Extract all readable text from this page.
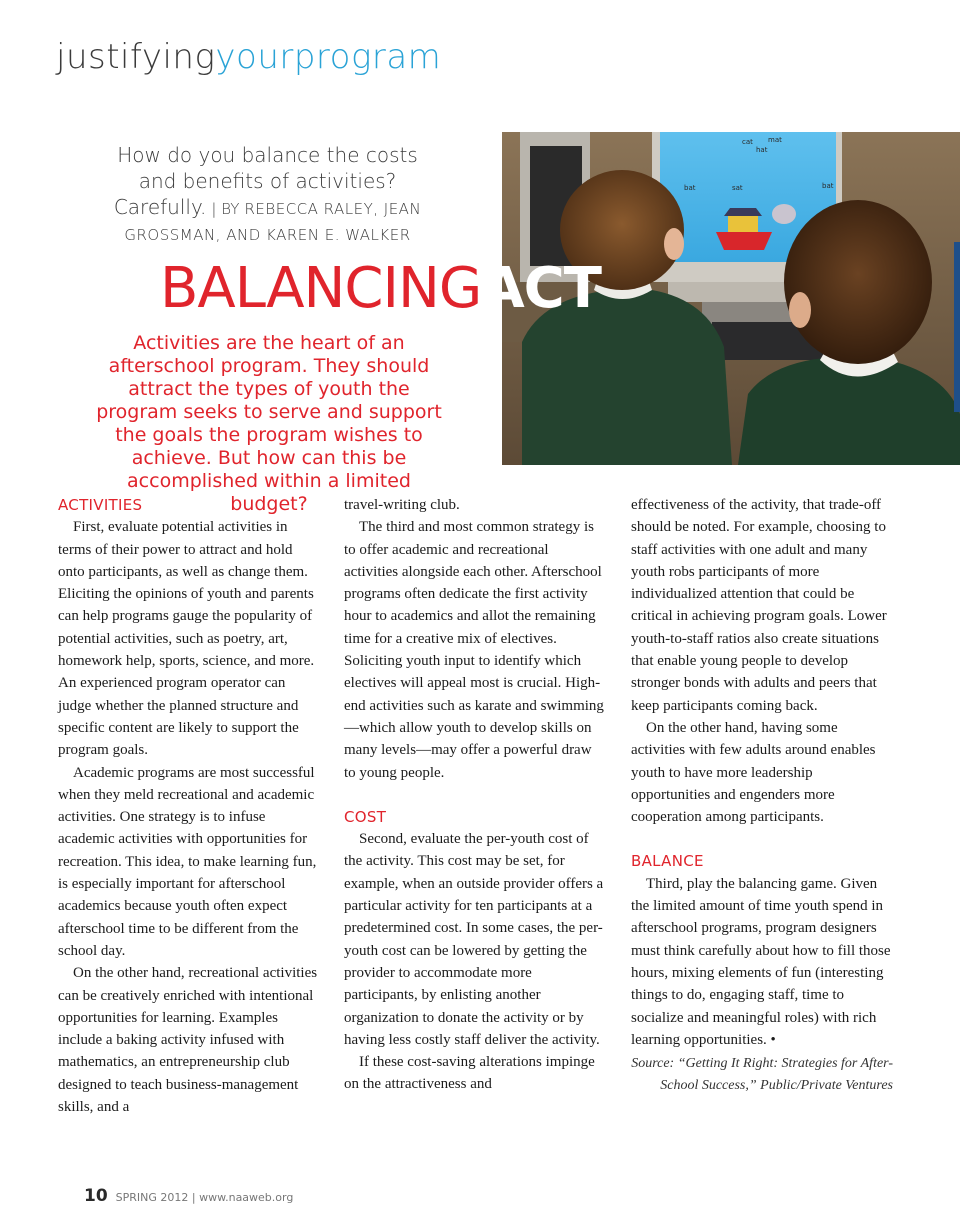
justifyingyourprogram
cat mat
hat
bat	sat	bat
How do you balance the costs and benefits of activities? Carefully. | BY REBECCA RALEY, JEAN GROSSMAN, AND KAREN E. WALKER
BALANCINGACT
Activities are the heart of an afterschool program. They should attract the types of youth the program seeks to serve and support the goals the program wishes to achieve. But how can this be accomplished within a limited budget?
ACTIVITIES

First, evaluate potential activities in terms of their power to attract and hold onto participants, as well as change them. Eliciting the opinions of youth and parents can help programs gauge the popularity of potential activities, such as poetry, art, homework help, sports, science, and more. An experienced program operator can judge whether the planned structure and specific content are likely to support the program goals.

Academic programs are most successful when they meld recreational and academic activities. One strategy is to infuse academic activities with opportunities for recreation. This idea, to make learning fun, is especially important for afterschool academics because youth often expect afterschool time to be different from the school day.

On the other hand, recreational activities can be creatively enriched with intentional opportunities for learning. Examples include a baking activity infused with mathematics, an entrepreneurship club designed to teach business-management skills, and a

travel-writing club.

The third and most common strategy is to offer academic and recreational activities alongside each other. Afterschool programs often dedicate the first activity hour to academics and allot the remaining time for a creative mix of electives. Soliciting youth input to identify which electives will appeal most is crucial. High-end activities such as karate and swimming—which allow youth to develop skills on many levels—may offer a powerful draw to young people.

COST

Second, evaluate the per-youth cost of the activity. This cost may be set, for example, when an outside provider offers a particular activity for ten participants at a predetermined cost. In some cases, the per-youth cost can be lowered by getting the provider to accommodate more participants, by enlisting another organization to donate the activity or by having less costly staff deliver the activity.

If these cost-saving alterations impinge on the attractiveness and

effectiveness of the activity, that trade-off should be noted. For example, choosing to staff activities with one adult and many youth robs participants of more individualized attention that could be critical in achieving program goals. Lower youth-to-staff ratios also create situations that enable young people to develop stronger bonds with adults and peers that keep participants coming back.

On the other hand, having some activities with few adults around enables youth to have more leadership opportunities and engenders more cooperation among participants.

BALANCE

Third, play the balancing game. Given the limited amount of time youth spend in afterschool programs, program designers must think carefully about how to fill those hours, mixing elements of fun (interesting things to do, engaging staff, time to socialize and meaningful roles) with rich learning opportunities. •

Source: “Getting It Right: Strategies for After-School Success,” Public/Private Ventures
10 SPRING 2012 | www.naaweb.org
